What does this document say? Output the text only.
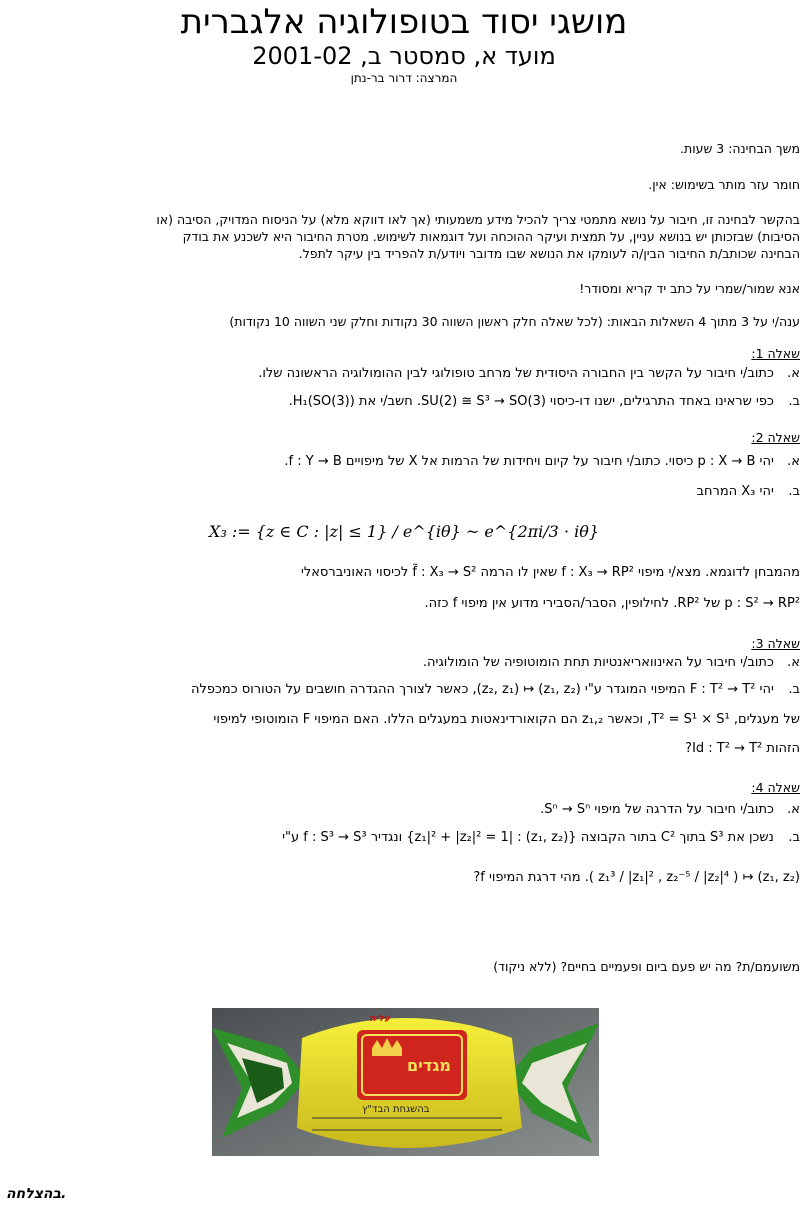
מושגי יסוד בטופולוגיה אלגברית
מועד א, סמסטר ב, 2001-02
המרצה: דרור בר-נתן
משך הבחינה: 3 שעות.
חומר עזר מותר בשימוש: אין.
בהקשר לבחינה זו, חיבור על נושא מתמטי צריך להכיל מידע משמעותי (אך לאו דווקא מלא) על הניסוח המדויק, הסיבה (או
הסיבות) שבזכותן יש בנושא עניין, על תמצית ועיקר ההוכחה ועל דוגמאות לשימוש. מטרת החיבור היא לשכנע את בודק
הבחינה שכותב/ת החיבור הבין/ה לעומקו את הנושא שבו מדובר ויודע/ת להפריד בין עיקר לתפל.
אנא שמור/שמרי על כתב יד קריא ומסודר!
ענה/י על 3 מתוך 4 השאלות הבאות: (לכל שאלה חלק ראשון השווה 30 נקודות וחלק שני השווה 10 נקודות)
שאלה 1:
א. כתוב/י חיבור על הקשר בין החבורה היסודית של מרחב טופולוגי לבין ההומולוגיה הראשונה שלו.
ב. כפי שראינו באחד התרגילים, ישנו דו-כיסוי SU(2) ≅ S³ → SO(3). חשב/י את H₁(SO(3)).
שאלה 2:
א. יהי p : X → B כיסוי. כתוב/י חיבור על קיום ויחידות של הרמות אל X של מיפויים f : Y → B.
ב. יהי X₃ המרחב
X₃ := {z ∈ C : |z| ≤ 1} / e^{iθ} ~ e^{2πi/3 · iθ}
מהמבחן לדוגמא. מצא/י מיפוי f : X₃ → RP² שאין לו הרמה f̃ : X₃ → S² לכיסוי האוניברסאלי
p : S² → RP² של RP². לחילופין, הסבר/הסבירי מדוע אין מיפוי f כזה.
שאלה 3:
א. כתוב/י חיבור על האינוואריאנטיות תחת הומוטופיה של הומולוגיה.
ב. יהי F : T² → T² המיפוי המוגדר ע"י (z₁, z₂) ↦ (z₂, z₁), כאשר לצורך ההגדרה חושבים על הטורוס כמכפלה
של מעגלים, T² = S¹ × S¹, וכאשר z₁,₂ הם הקואורדינאטות במעגלים הללו. האם המיפוי F הומוטופי למיפוי
הזהות Id : T² → T²?
שאלה 4:
א. כתוב/י חיבור על הדרגה של מיפוי Sⁿ → Sⁿ.
ב. נשכן את S³ בתוך C² בתור הקבוצה {(z₁, z₂) : |z₁|² + |z₂|² = 1} ונגדיר f : S³ → S³ ע"י
(z₁, z₂) ↦ ( z₁³ / |z₁|² , z₂⁻⁵ / |z₂|⁴ ). מהי דרגת המיפוי f?
משועמם/ת? מה יש פעם ביום ופעמיים בחיים? (ללא ניקוד)
עלית
מגדים
בהשגחת הבד"ץ
בהצלחה.
